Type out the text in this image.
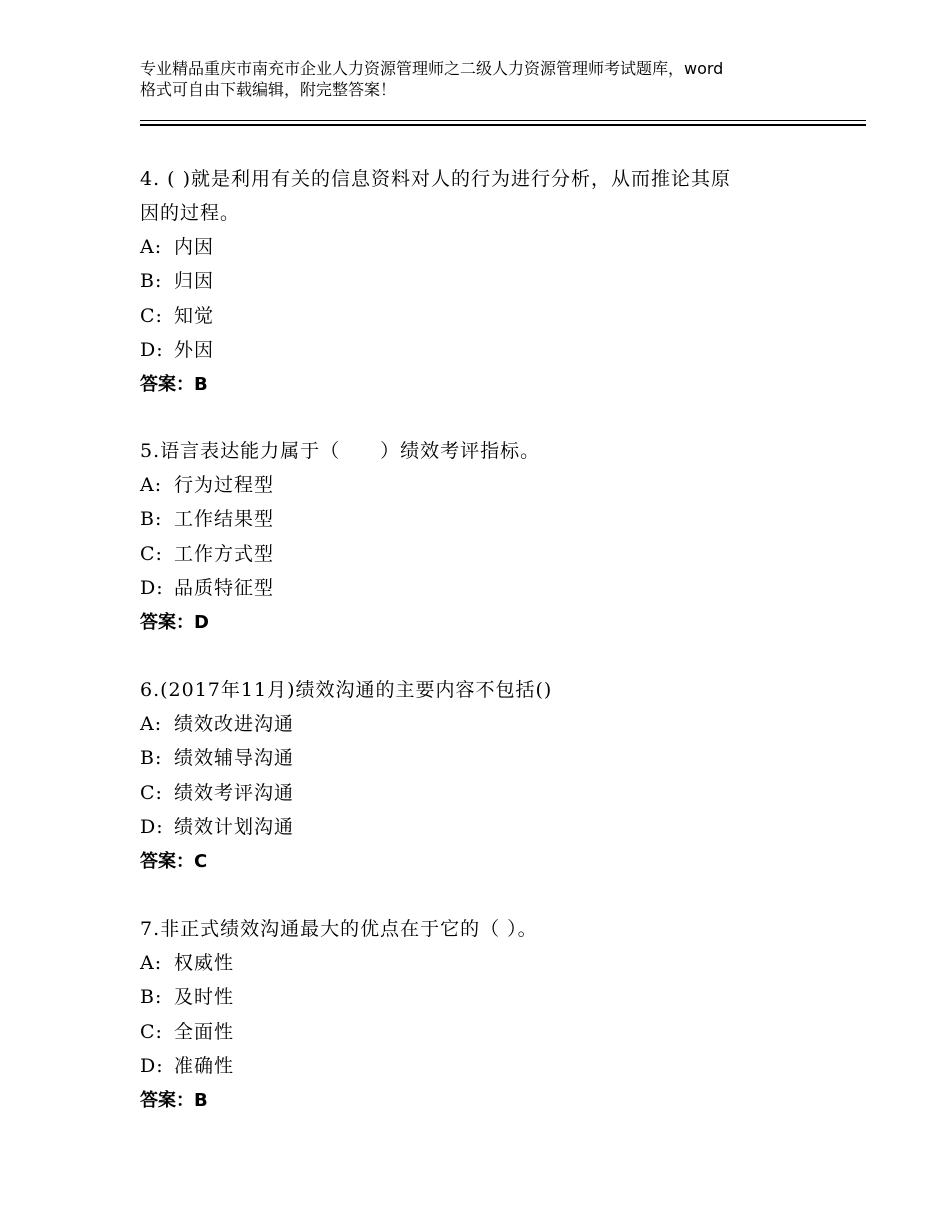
专业精品重庆市南充市企业人力资源管理师之二级人力资源管理师考试题库，word
格式可自由下载编辑，附完整答案！
4. ( )就是利用有关的信息资料对人的行为进行分析，从而推论其原
因的过程。
A: 内因
B: 归因
C: 知觉
D: 外因
答案：B
5.语言表达能力属于（　　）绩效考评指标。
A: 行为过程型
B: 工作结果型
C: 工作方式型
D: 品质特征型
答案：D
6.(2017年11月)绩效沟通的主要内容不包括()
A: 绩效改进沟通
B: 绩效辅导沟通
C: 绩效考评沟通
D: 绩效计划沟通
答案：C
7.非正式绩效沟通最大的优点在于它的（ ）。
A: 权威性
B: 及时性
C: 全面性
D: 准确性
答案：B
